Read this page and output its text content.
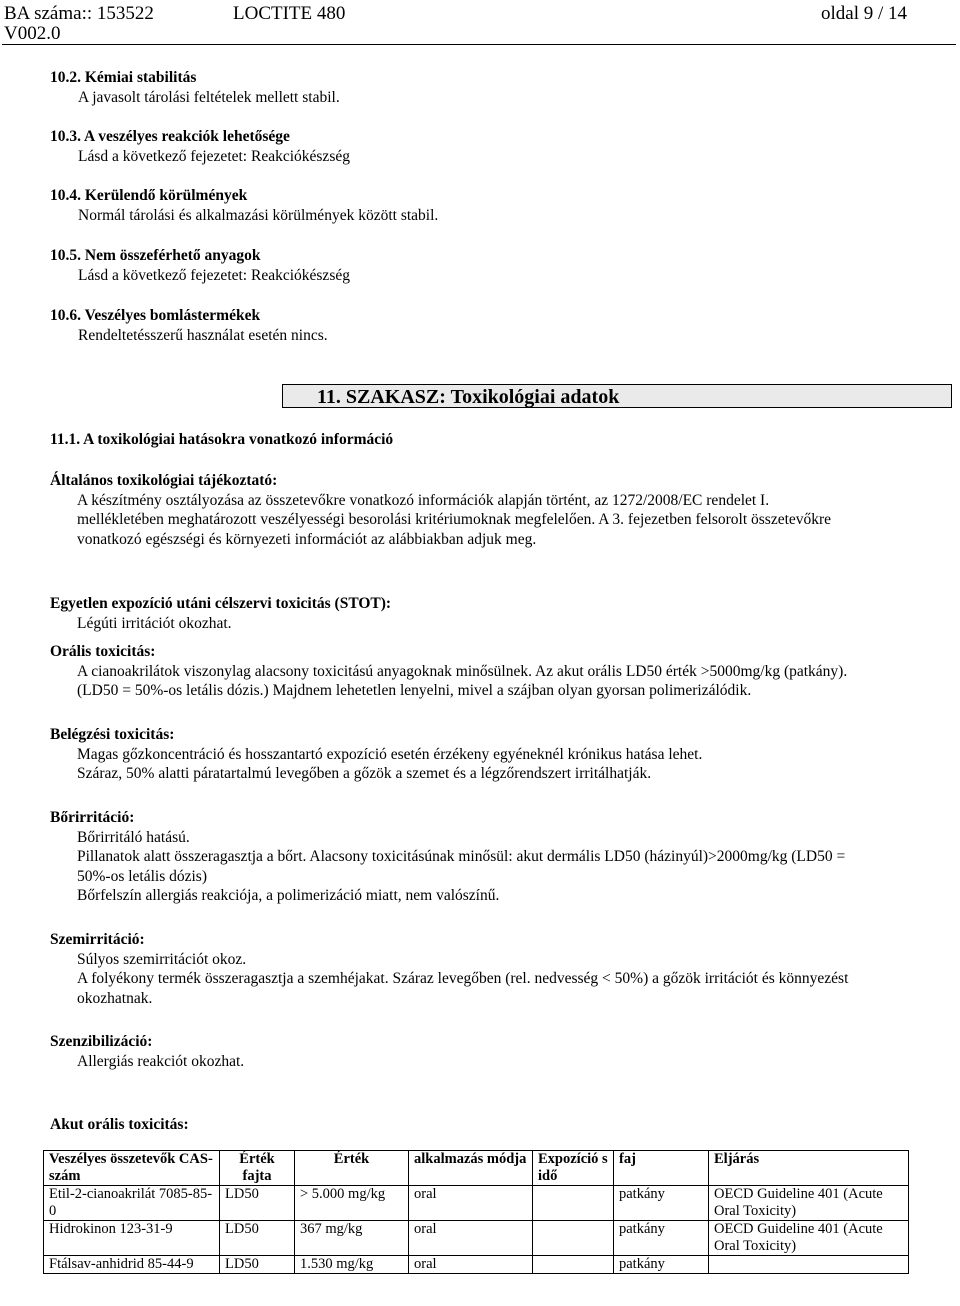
BA száma:: 153522
V002.0
LOCTITE 480	oldal 9 / 14
10.2. Kémiai stabilitás
A javasolt tárolási feltételek mellett stabil.
10.3. A veszélyes reakciók lehetősége
Lásd a következő fejezetet: Reakciókészség
10.4. Kerülendő körülmények
Normál tárolási és alkalmazási körülmények között stabil.
10.5. Nem összeférhető anyagok
Lásd a következő fejezetet: Reakciókészség
10.6. Veszélyes bomlástermékek
Rendeltetésszerű használat esetén nincs.
11. SZAKASZ: Toxikológiai adatok
11.1. A toxikológiai hatásokra vonatkozó információ
Általános toxikológiai tájékoztató:
A készítmény osztályozása az összetevőkre vonatkozó információk alapján történt, az 1272/2008/EC rendelet I.
mellékletében meghatározott veszélyességi besorolási kritériumoknak megfelelően. A 3. fejezetben felsorolt összetevőkre
vonatkozó egészségi és környezeti információt az alábbiakban adjuk meg.
Egyetlen expozíció utáni célszervi toxicitás (STOT):
Légúti irritációt okozhat.
Orális toxicitás:
A cianoakrilátok viszonylag alacsony toxicitású anyagoknak minősülnek. Az akut orális LD50 érték >5000mg/kg (patkány).
(LD50 = 50%-os letális dózis.) Majdnem lehetetlen lenyelni, mivel a szájban olyan gyorsan polimerizálódik.
Belégzési toxicitás:
Magas gőzkoncentráció és hosszantartó expozíció esetén érzékeny egyéneknél krónikus hatása lehet.
Száraz, 50% alatti páratartalmú levegőben a gőzök a szemet és a légzőrendszert irritálhatják.
Bőrirritáció:
Bőrirritáló hatású.
Pillanatok alatt összeragasztja a bőrt. Alacsony toxicitásúnak minősül: akut dermális LD50 (házinyúl)>2000mg/kg (LD50 =
50%-os letális dózis)
Bőrfelszín allergiás reakciója, a polimerizáció miatt, nem valószínű.
Szemirritáció:
Súlyos szemirritációt okoz.
A folyékony termék összeragasztja a szemhéjakat. Száraz levegőben (rel. nedvesség < 50%) a gőzök irritációt és könnyezést
okozhatnak.
Szenzibilizáció:
Allergiás reakciót okozhat.
Akut orális toxicitás:
Veszélyes összetevők CAS-szám	Érték fajta	Érték	alkalmazás módja	Expozíció s idő	faj	Eljárás
Etil-2-cianoakrilát 7085-85-0	LD50	> 5.000 mg/kg	oral		patkány	OECD Guideline 401 (Acute Oral Toxicity)
Hidrokinon 123-31-9	LD50	367 mg/kg	oral		patkány	OECD Guideline 401 (Acute Oral Toxicity)
Ftálsav-anhidrid 85-44-9	LD50	1.530 mg/kg	oral		patkány	
